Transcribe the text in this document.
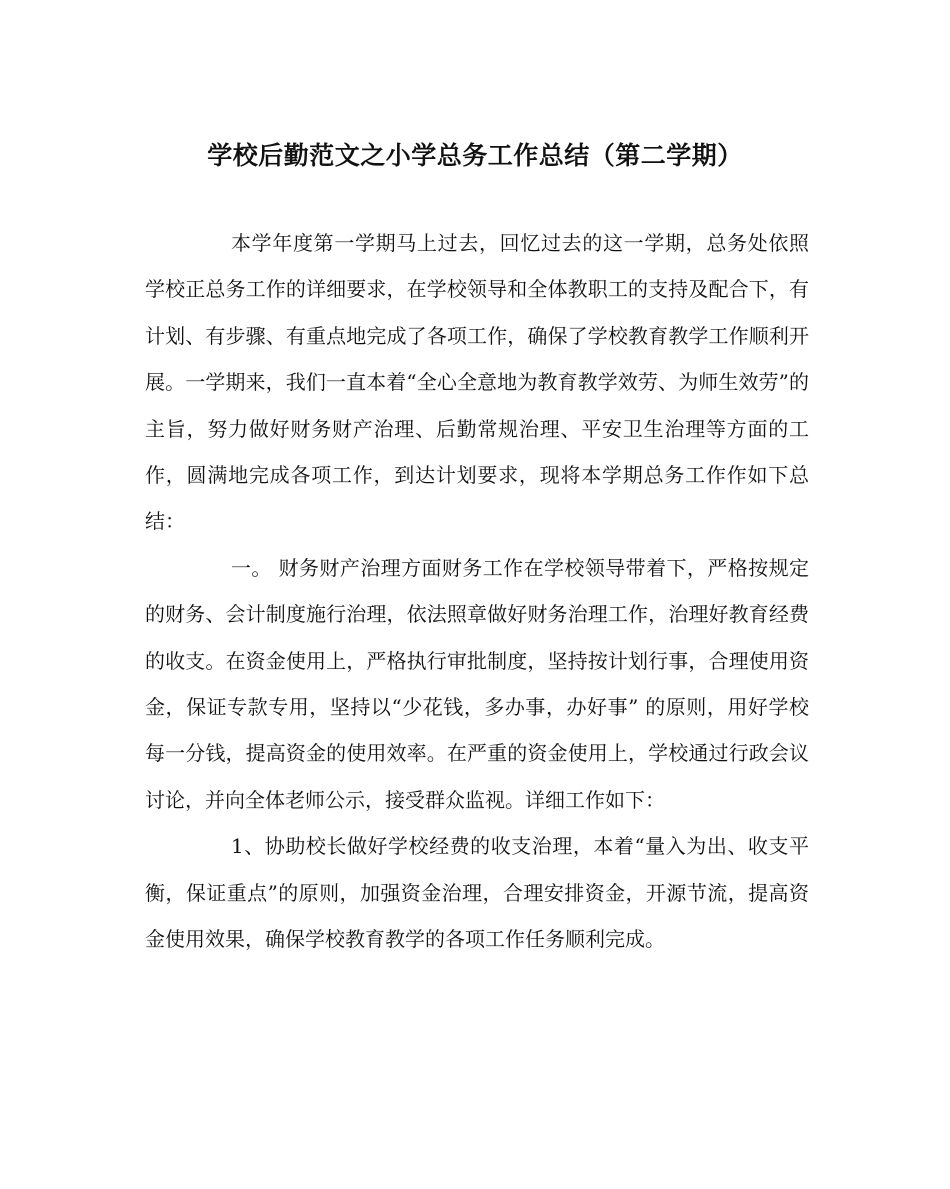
学校后勤范文之小学总务工作总结（第二学期）

本学年度第一学期马上过去，回忆过去的这一学期，总务处依照学校正总务工作的详细要求，在学校领导和全体教职工的支持及配合下，有计划、有步骤、有重点地完成了各项工作，确保了学校教育教学工作顺利开展。一学期来，我们一直本着“全心全意地为教育教学效劳、为师生效劳”的主旨，努力做好财务财产治理、后勤常规治理、平安卫生治理等方面的工作，圆满地完成各项工作，到达计划要求，现将本学期总务工作作如下总结：

一。 财务财产治理方面财务工作在学校领导带着下，严格按规定的财务、会计制度施行治理，依法照章做好财务治理工作，治理好教育经费的收支。在资金使用上，严格执行审批制度，坚持按计划行事，合理使用资金，保证专款专用，坚持以“少花钱，多办事，办好事” 的原则，用好学校每一分钱，提高资金的使用效率。在严重的资金使用上，学校通过行政会议讨论，并向全体老师公示，接受群众监视。详细工作如下：

1、协助校长做好学校经费的收支治理，本着“量入为出、收支平衡，保证重点”的原则，加强资金治理，合理安排资金，开源节流，提高资金使用效果，确保学校教育教学的各项工作任务顺利完成。
